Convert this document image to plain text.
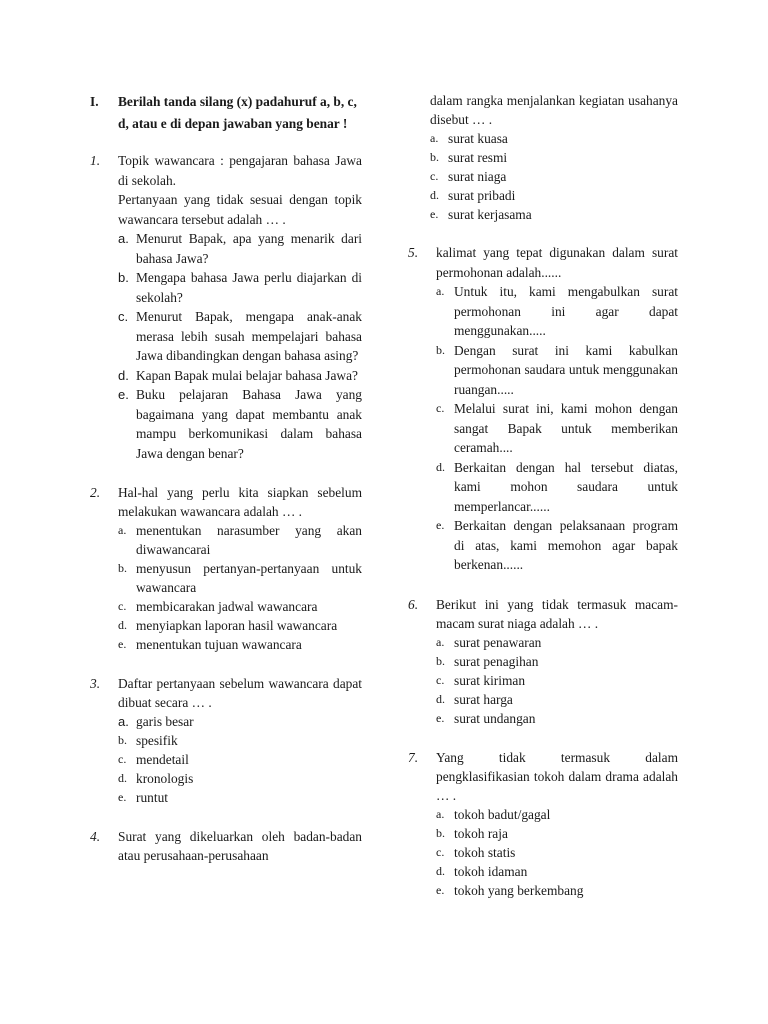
I.	Berilah tanda silang (x) padahuruf a, b, c, d, atau e di depan jawaban yang benar !
1.	Topik wawancara : pengajaran bahasa Jawa di sekolah.
Pertanyaan yang tidak sesuai dengan topik wawancara tersebut adalah … .
a. Menurut Bapak, apa yang menarik dari bahasa Jawa?
b. Mengapa bahasa Jawa perlu diajarkan di sekolah?
c. Menurut Bapak, mengapa anak-anak merasa lebih susah mempelajari bahasa Jawa dibandingkan dengan bahasa asing?
d. Kapan Bapak mulai belajar bahasa Jawa?
e. Buku pelajaran Bahasa Jawa yang bagaimana yang dapat membantu anak mampu berkomunikasi dalam bahasa Jawa dengan benar?
2.	Hal-hal yang perlu kita siapkan sebelum melakukan wawancara adalah … .
a. menentukan narasumber yang akan diwawancarai
b. menyusun pertanyan-pertanyaan untuk wawancara
c. membicarakan jadwal wawancara
d. menyiapkan laporan hasil wawancara
e. menentukan tujuan wawancara
3.	Daftar pertanyaan sebelum wawancara dapat dibuat secara … .
a. garis besar
b. spesifik
c. mendetail
d. kronologis
e. runtut
4.	Surat yang dikeluarkan oleh badan-badan atau perusahaan-perusahaan
dalam rangka menjalankan kegiatan usahanya disebut … .
a. surat kuasa
b. surat resmi
c. surat niaga
d. surat pribadi
e. surat kerjasama
5.	kalimat yang tepat digunakan dalam surat permohonan adalah......
a. Untuk itu, kami mengabulkan surat permohonan ini agar dapat menggunakan.....
b. Dengan surat ini kami kabulkan permohonan saudara untuk menggunakan ruangan.....
c. Melalui surat ini, kami mohon dengan sangat Bapak untuk memberikan ceramah....
d. Berkaitan dengan hal tersebut diatas, kami mohon saudara untuk memperlancar......
e. Berkaitan dengan pelaksanaan program di atas, kami memohon agar bapak berkenan......
6.	Berikut ini yang tidak termasuk macam-macam surat niaga adalah … .
a. surat penawaran
b. surat penagihan
c. surat kiriman
d. surat harga
e. surat undangan
7.	Yang tidak termasuk dalam pengklasifikasian tokoh dalam drama adalah … .
a. tokoh badut/gagal
b. tokoh raja
c. tokoh statis
d. tokoh idaman
e. tokoh yang berkembang
